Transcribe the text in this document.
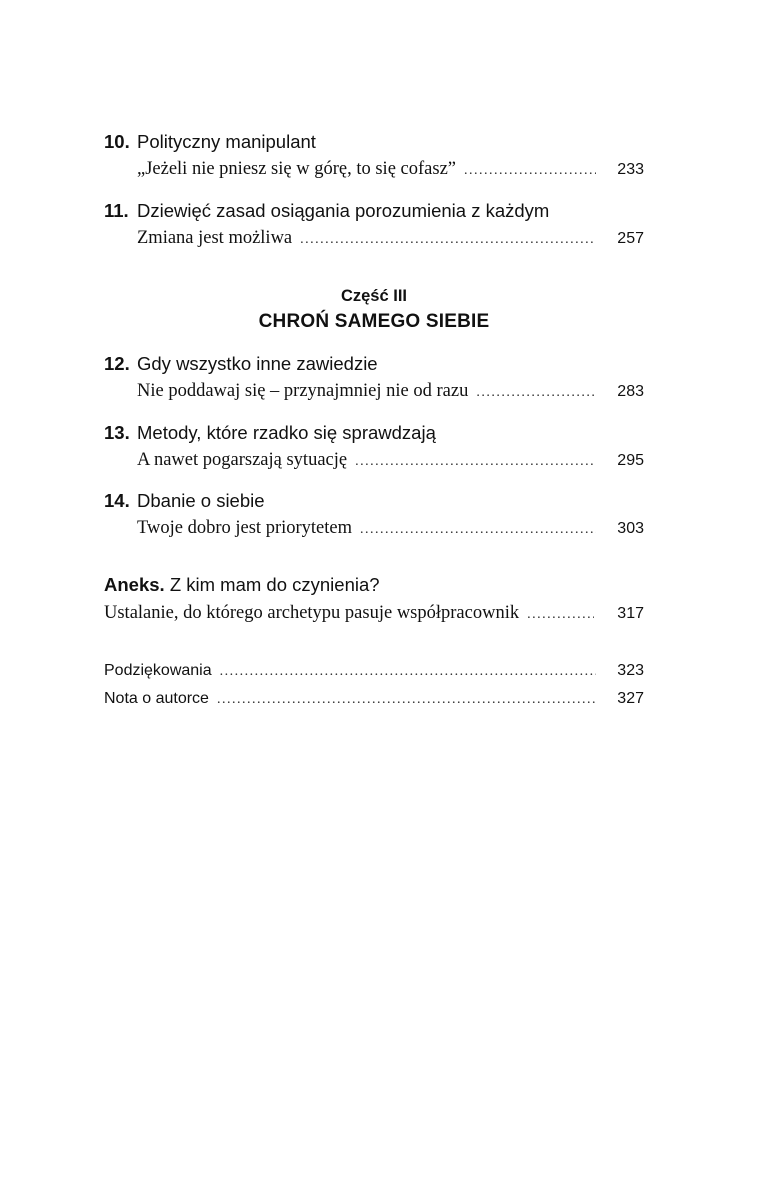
10. Polityczny manipulant
„Jeżeli nie pniesz się w górę, to się cofasz” .....	233
11. Dziewięć zasad osiągania porozumienia z każdym
Zmiana jest możliwa .....	257
Część III
CHROŃ SAMEGO SIEBIE
12. Gdy wszystko inne zawiedzie
Nie poddawaj się – przynajmniej nie od razu .....	283
13. Metody, które rzadko się sprawdzają
A nawet pogarszają sytuację .....	295
14. Dbanie o siebie
Twoje dobro jest priorytetem .....	303
Aneks. Z kim mam do czynienia?
Ustalanie, do którego archetypu pasuje współpracownik .....	317
Podziękowania .....	323
Nota o autorce .....	327
